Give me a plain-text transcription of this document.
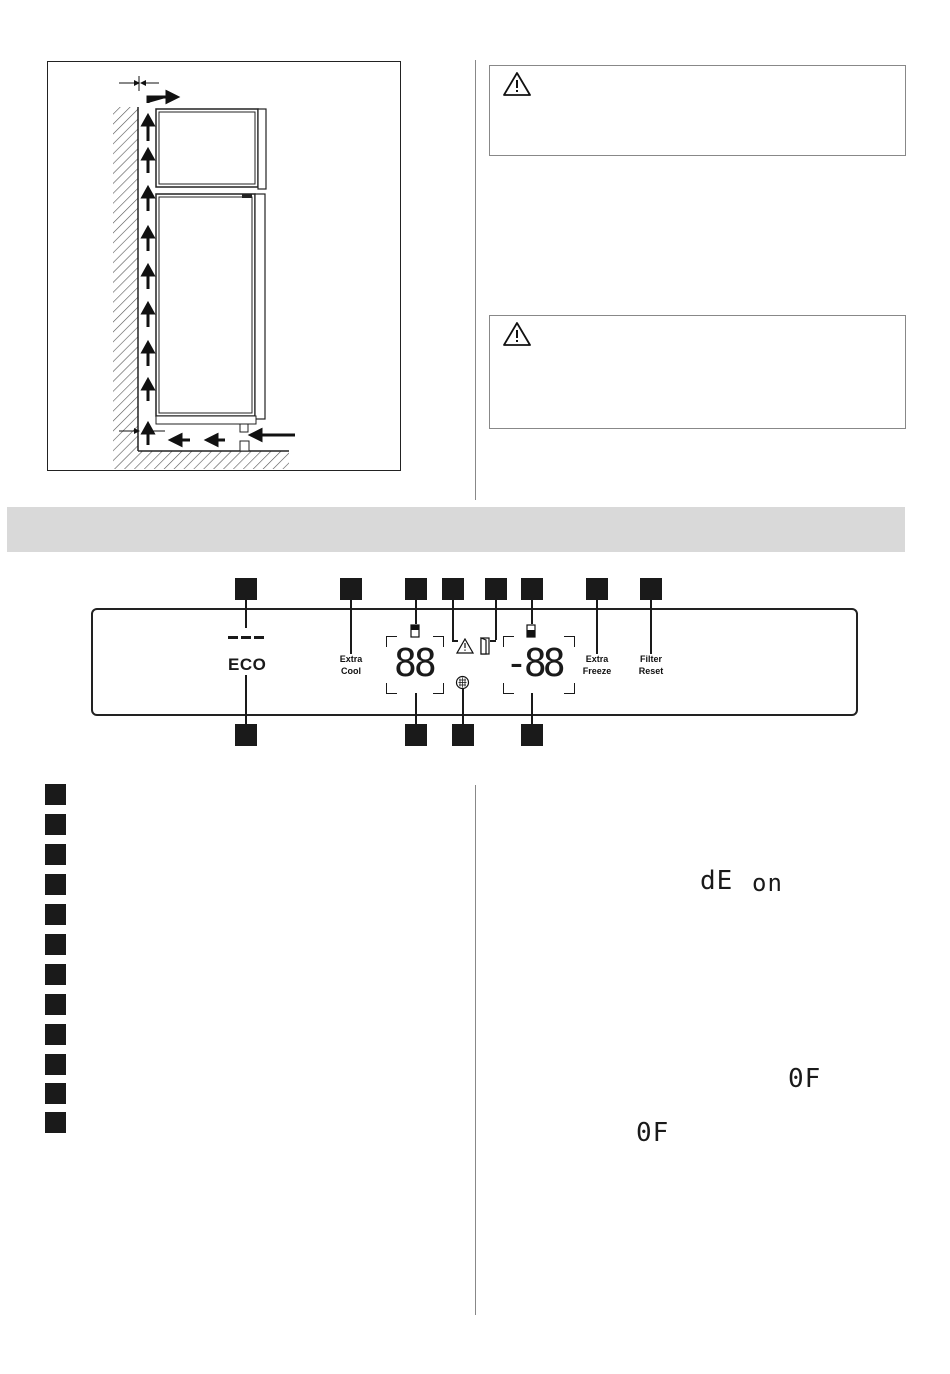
ECO	Extra
Cool 88 -88	Extra
Freeze
Filter
Reset
dE on
0F
0F
